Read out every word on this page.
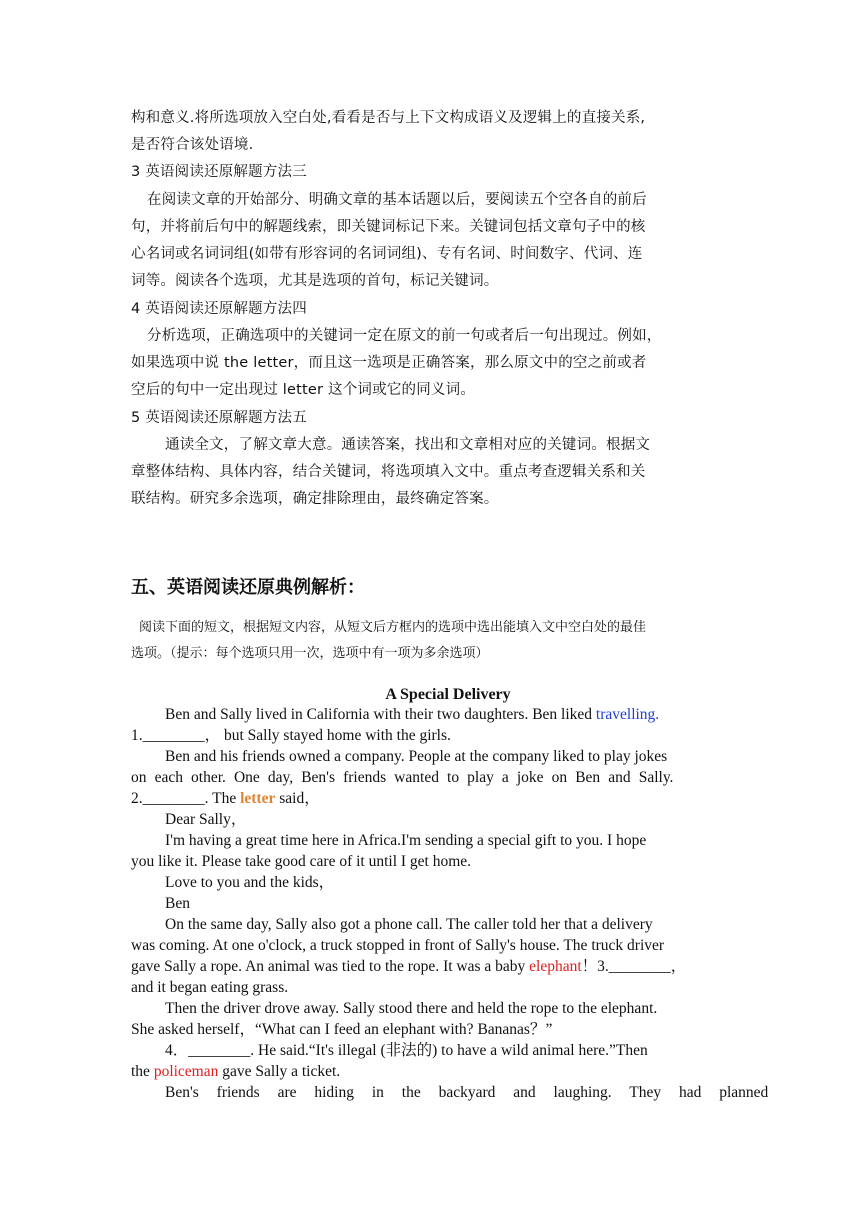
构和意义.将所选项放入空白处,看看是否与上下文构成语义及逻辑上的直接关系,
是否符合该处语境.
3 英语阅读还原解题方法三
在阅读文章的开始部分、明确文章的基本话题以后，要阅读五个空各自的前后
句，并将前后句中的解题线索，即关键词标记下来。关键词包括文章句子中的核
心名词或名词词组(如带有形容词的名词词组)、专有名词、时间数字、代词、连
词等。阅读各个选项，尤其是选项的首句，标记关键词。
4 英语阅读还原解题方法四
分析选项，正确选项中的关键词一定在原文的前一句或者后一句出现过。例如，
如果选项中说 the letter，而且这一选项是正确答案，那么原文中的空之前或者
空后的句中一定出现过 letter 这个词或它的同义词。
5 英语阅读还原解题方法五
通读全文，了解文章大意。通读答案，找出和文章相对应的关键词。根据文
章整体结构、具体内容，结合关键词，将选项填入文中。重点考查逻辑关系和关
联结构。研究多余选项，确定排除理由，最终确定答案。
五、英语阅读还原典例解析：
阅读下面的短文，根据短文内容，从短文后方框内的选项中选出能填入文中空白处的最佳
选项。（提示：每个选项只用一次，选项中有一项为多余选项）
A Special Delivery
Ben and Sally lived in California with their two daughters. Ben liked travelling.
1.________， but Sally stayed home with the girls.
Ben and his friends owned a company. People at the company liked to play jokes
on each other. One day, Ben's friends wanted to play a joke on Ben and Sally.
2.________. The letter said，
Dear Sally，
I'm having a great time here in Africa.I'm sending a special gift to you. I hope
you like it. Please take good care of it until I get home.
Love to you and the kids，
Ben
On the same day, Sally also got a phone call. The caller told her that a delivery
was coming. At one o'clock, a truck stopped in front of Sally's house. The truck driver
gave Sally a rope. An animal was tied to the rope. It was a baby elephant！3.________，
and it began eating grass.
Then the driver drove away. Sally stood there and held the rope to the elephant.
She asked herself，“What can I feed an elephant with? Bananas？”
4．________. He said.“It's illegal (非法的) to have a wild animal here.”Then
the policeman gave Sally a ticket.
Ben's friends are hiding in the backyard and laughing. They had planned
